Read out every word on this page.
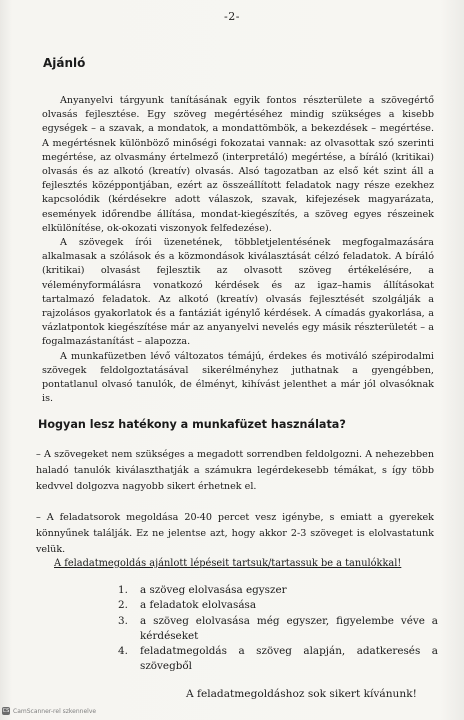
-2-
Ajánló

Anyanyelvi tárgyunk tanításának egyik fontos részterülete a szövegértő olvasás fejlesztése. Egy szöveg megértéséhez mindig szükséges a kisebb egységek – a szavak, a mondatok, a mondattömbök, a bekezdések – megértése. A megértésnek különböző minőségi fokozatai vannak: az olvasottak szó szerinti megértése, az olvasmány értelmező (interpretáló) megértése, a bíráló (kritikai) olvasás és az alkotó (kreatív) olvasás. Alsó tagozatban az első két szint áll a fejlesztés középpontjában, ezért az összeállított feladatok nagy része ezekhez kapcsolódik (kérdésekre adott válaszok, szavak, kifejezések magyarázata, események időrendbe állítása, mondat-kiegészítés, a szöveg egyes részeinek elkülönítése, ok-okozati viszonyok felfedezése).

A szövegek írói üzenetének, többletjelentésének megfogalmazására alkalmasak a szólások és a közmondások kiválasztását célzó feladatok. A bíráló (kritikai) olvasást fejlesztik az olvasott szöveg értékelésére, a véleményformálásra vonatkozó kérdések és az igaz–hamis állításokat tartalmazó feladatok. Az alkotó (kreatív) olvasás fejlesztését szolgálják a rajzolásos gyakorlatok és a fantáziát igénylő kérdések. A címadás gyakorlása, a vázlatpontok kiegészítése már az anyanyelvi nevelés egy másik részterületét – a fogalmazástanítást – alapozza.

A munkafüzetben lévő változatos témájú, érdekes és motiváló szépirodalmi szövegek feldolgoztatásával sikerélményhez juthatnak a gyengébben, pontatlanul olvasó tanulók, de élményt, kihívást jelenthet a már jól olvasóknak is.

Hogyan lesz hatékony a munkafüzet használata?
– A szövegeket nem szükséges a megadott sorrendben feldolgozni. A nehezebben haladó tanulók kiválaszthatják a számukra legérdekesebb témákat, s így több kedvvel dolgozva nagyobb sikert érhetnek el.
– A feladatsorok megoldása 20-40 percet vesz igénybe, s emiatt a gyerekek könnyűnek találják. Ez ne jelentse azt, hogy akkor 2-3 szöveget is elolvastatunk velük.
A feladatmegoldás ajánlott lépéseit tartsuk/tartassuk be a tanulókkal!
1.	a szöveg elolvasása egyszer
2.	a feladatok elolvasása
3.	a szöveg elolvasása még egyszer, figyelembe véve a kérdéseket
4.	feladatmegoldás a szöveg alapján, adatkeresés a szövegből
A feladatmegoldáshoz sok sikert kívánunk!
CS CamScanner-rel szkennelve
